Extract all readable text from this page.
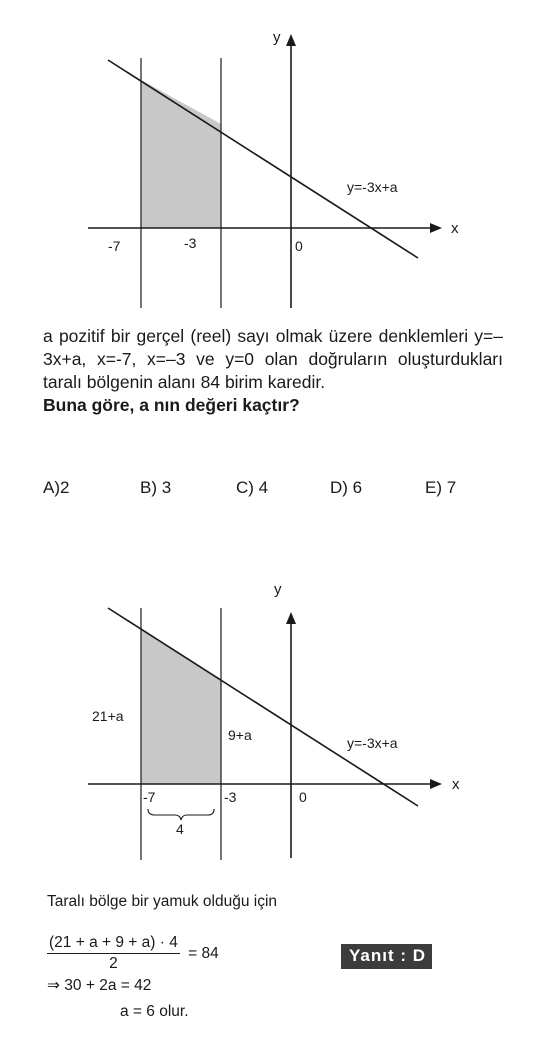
y=-3x+a
x
y
-7	-3	0

a pozitif bir gerçel (reel) sayı olmak üzere denklemleri y=–3x+a, x=-7, x=–3 ve y=0 olan doğruların oluşturdukları taralı bölgenin alanı 84 birim karedir.

Buna göre, a nın değeri kaçtır?

A)2	B) 3	C) 4	D) 6	E) 7
21+a
9+a	y=-3x+a
x
y
-7	-3	0
4
Taralı bölge bir yamuk olduğu için
$\frac{(21 + a + 9 + a) \cdot 4}{2} = 84$
⇒ 30 + 2a = 42
a = 6 olur.
Yanıt : D
